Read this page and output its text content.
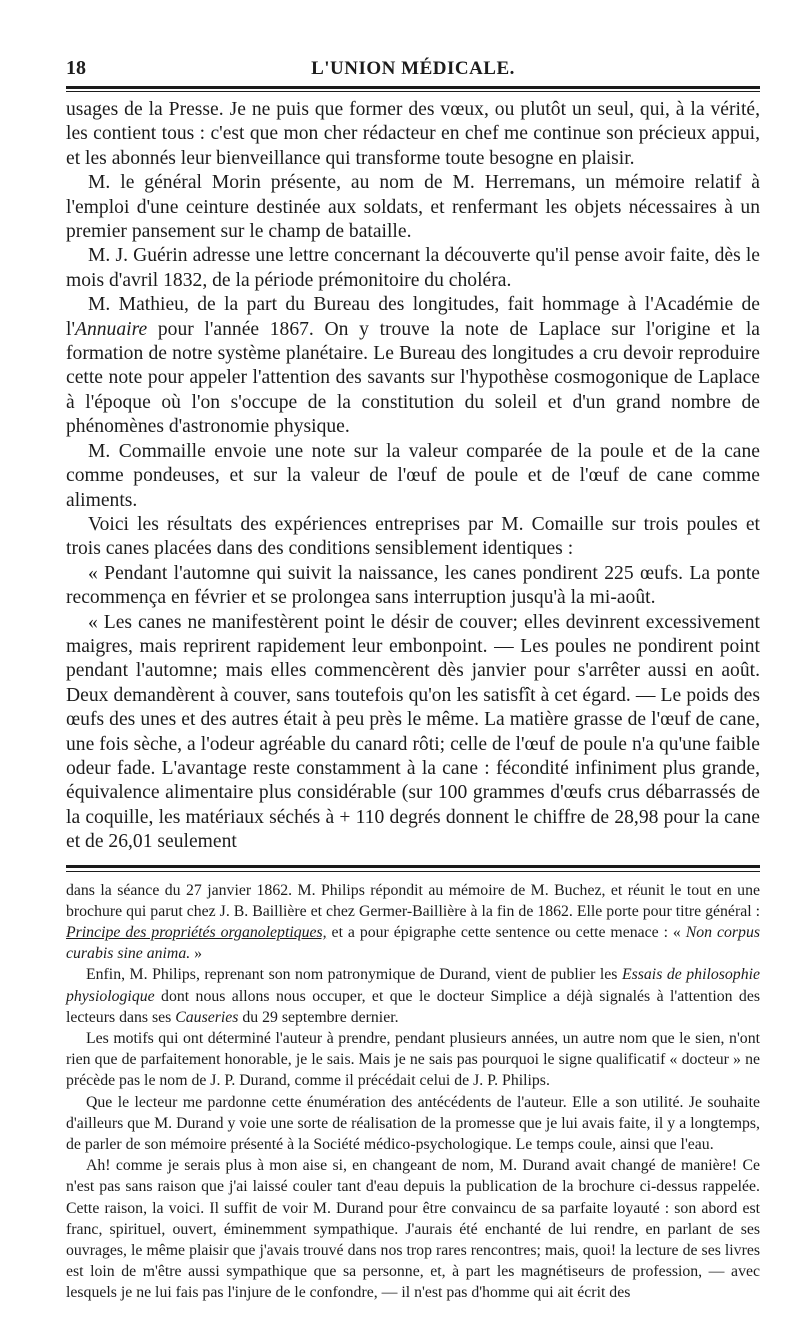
18	L'UNION MÉDICALE.

usages de la Presse. Je ne puis que former des vœux, ou plutôt un seul, qui, à la vérité, les contient tous : c'est que mon cher rédacteur en chef me continue son précieux appui, et les abonnés leur bienveillance qui transforme toute besogne en plaisir.

M. le général Morin présente, au nom de M. Herremans, un mémoire relatif à l'emploi d'une ceinture destinée aux soldats, et renfermant les objets nécessaires à un premier pansement sur le champ de bataille.

M. J. Guérin adresse une lettre concernant la découverte qu'il pense avoir faite, dès le mois d'avril 1832, de la période prémonitoire du choléra.

M. Mathieu, de la part du Bureau des longitudes, fait hommage à l'Académie de l'Annuaire pour l'année 1867. On y trouve la note de Laplace sur l'origine et la formation de notre système planétaire. Le Bureau des longitudes a cru devoir reproduire cette note pour appeler l'attention des savants sur l'hypothèse cosmogonique de Laplace à l'époque où l'on s'occupe de la constitution du soleil et d'un grand nombre de phénomènes d'astronomie physique.

M. Commaille envoie une note sur la valeur comparée de la poule et de la cane comme pondeuses, et sur la valeur de l'œuf de poule et de l'œuf de cane comme aliments.

Voici les résultats des expériences entreprises par M. Comaille sur trois poules et trois canes placées dans des conditions sensiblement identiques :

« Pendant l'automne qui suivit la naissance, les canes pondirent 225 œufs. La ponte recommença en février et se prolongea sans interruption jusqu'à la mi-août.

« Les canes ne manifestèrent point le désir de couver; elles devinrent excessivement maigres, mais reprirent rapidement leur embonpoint. — Les poules ne pondirent point pendant l'automne; mais elles commencèrent dès janvier pour s'arrêter aussi en août. Deux demandèrent à couver, sans toutefois qu'on les satisfît à cet égard. — Le poids des œufs des unes et des autres était à peu près le même. La matière grasse de l'œuf de cane, une fois sèche, a l'odeur agréable du canard rôti; celle de l'œuf de poule n'a qu'une faible odeur fade. L'avantage reste constamment à la cane : fécondité infiniment plus grande, équivalence alimentaire plus considérable (sur 100 grammes d'œufs crus débarrassés de la coquille, les matériaux séchés à + 110 degrés donnent le chiffre de 28,98 pour la cane et de 26,01 seulement

dans la séance du 27 janvier 1862. M. Philips répondit au mémoire de M. Buchez, et réunit le tout en une brochure qui parut chez J. B. Baillière et chez Germer-Baillière à la fin de 1862. Elle porte pour titre général : Principe des propriétés organoleptiques, et a pour épigraphe cette sentence ou cette menace : « Non corpus curabis sine anima. »

Enfin, M. Philips, reprenant son nom patronymique de Durand, vient de publier les Essais de philosophie physiologique dont nous allons nous occuper, et que le docteur Simplice a déjà signalés à l'attention des lecteurs dans ses Causeries du 29 septembre dernier.

Les motifs qui ont déterminé l'auteur à prendre, pendant plusieurs années, un autre nom que le sien, n'ont rien que de parfaitement honorable, je le sais. Mais je ne sais pas pourquoi le signe qualificatif « docteur » ne précède pas le nom de J. P. Durand, comme il précédait celui de J. P. Philips.

Que le lecteur me pardonne cette énumération des antécédents de l'auteur. Elle a son utilité. Je souhaite d'ailleurs que M. Durand y voie une sorte de réalisation de la promesse que je lui avais faite, il y a longtemps, de parler de son mémoire présenté à la Société médico-psychologique. Le temps coule, ainsi que l'eau.

Ah! comme je serais plus à mon aise si, en changeant de nom, M. Durand avait changé de manière! Ce n'est pas sans raison que j'ai laissé couler tant d'eau depuis la publication de la brochure ci-dessus rappelée. Cette raison, la voici. Il suffit de voir M. Durand pour être convaincu de sa parfaite loyauté : son abord est franc, spirituel, ouvert, éminemment sympathique. J'aurais été enchanté de lui rendre, en parlant de ses ouvrages, le même plaisir que j'avais trouvé dans nos trop rares rencontres; mais, quoi! la lecture de ses livres est loin de m'être aussi sympathique que sa personne, et, à part les magnétiseurs de profession, — avec lesquels je ne lui fais pas l'injure de le confondre, — il n'est pas d'homme qui ait écrit des
